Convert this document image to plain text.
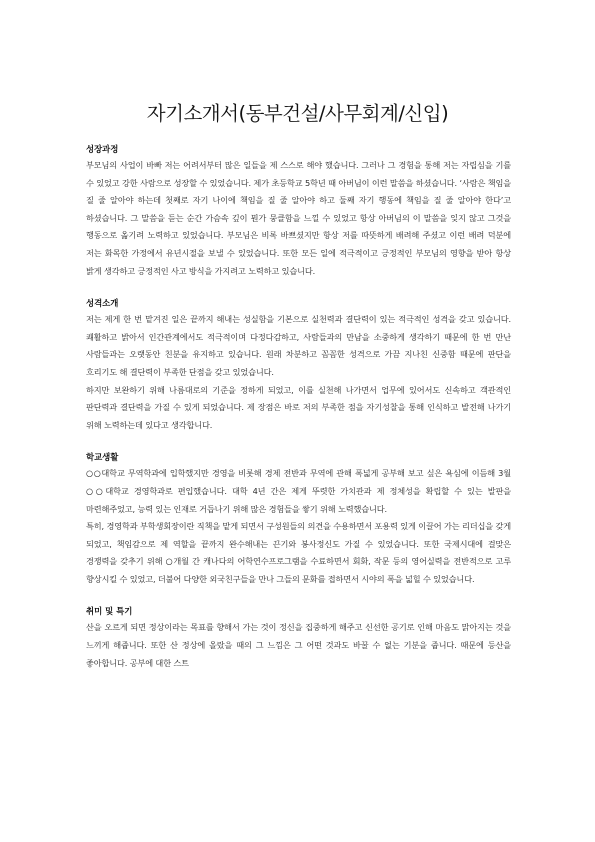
자기소개서(동부건설/사무회계/신입)
성장과정

부모님의 사업이 바빠 저는 어려서부터 많은 일들을 제 스스로 해야 했습니다. 그러나 그 경험을 통해 저는 자립심을 기를 수 있었고 강한 사람으로 성장할 수 있었습니다. 제가 초등학교 5학년 때 아버님이 이런 말씀을 하셨습니다. ‘사람은 책임을 질 줄 알아야 하는데 첫째로 자기 나이에 책임을 질 줄 알아야 하고 둘째 자기 행동에 책임을 질 줄 알아야 한다’고 하셨습니다. 그 말씀을 듣는 순간 가슴속 깊이 뭔가 뭉클함을 느낄 수 있었고 항상 아버님의 이 말씀을 잊지 않고 그것을 행동으로 옮기려 노력하고 있었습니다. 부모님은 비록 바쁘셨지만 항상 저를 따뜻하게 배려해 주셨고 이런 배려 덕분에 저는 화목한 가정에서 유년시절을 보낼 수 있었습니다. 또한 모든 일에 적극적이고 긍정적인 부모님의 영향을 받아 항상 밝게 생각하고 긍정적인 사고 방식을 가지려고 노력하고 있습니다.

성격소개

저는 제게 한 번 맡겨진 일은 끝까지 해내는 성실함을 기본으로 실천력과 결단력이 있는 적극적인 성격을 갖고 있습니다. 쾌활하고 밝아서 인간관계에서도 적극적이며 다정다감하고, 사람들과의 만남을 소중하게 생각하기 때문에 한 번 만난 사람들과는 오랫동안 친분을 유지하고 있습니다. 원래 차분하고 꼼꼼한 성격으로 가끔 지나친 신중함 때문에 판단을 흐리기도 해 결단력이 부족한 단점을 갖고 있었습니다.

하지만 보완하기 위해 나름대로의 기준을 정하게 되었고, 이를 실천해 나가면서 업무에 있어서도 신속하고 객관적인 판단력과 결단력을 가질 수 있게 되었습니다. 제 장점은 바로 저의 부족한 점을 자기성찰을 통해 인식하고 발전해 나가기 위해 노력하는데 있다고 생각합니다.

학교생활

○○대학교 무역학과에 입학했지만 경영을 비롯해 경제 전반과 무역에 관해 폭넓게 공부해 보고 싶은 욕심에 이듬해 3월 ○○대학교 경영학과로 편입했습니다. 대학 4년 간은 제게 뚜렷한 가치관과 제 정체성을 확립할 수 있는 발판을 마련해주었고, 능력 있는 인재로 거듭나기 위해 많은 경험들을 쌓기 위해 노력했습니다.

특히, 경영학과 부학생회장이란 직책을 맡게 되면서 구성원들의 의견을 수용하면서 포용력 있게 이끌어 가는 리더십을 갖게 되었고, 책임감으로 제 역할을 끝까지 완수해내는 끈기와 봉사정신도 가질 수 있었습니다. 또한 국제시대에 걸맞은 경쟁력을 갖추기 위해 ○개월 간 캐나다의 어학연수프로그램을 수료하면서 회화, 작문 등의 영어실력을 전반적으로 고루 향상시킬 수 있었고, 더불어 다양한 외국친구들을 만나 그들의 문화를 접하면서 시야의 폭을 넓힐 수 있었습니다.

취미 및 특기

산을 오르게 되면 정상이라는 목표를 향해서 가는 것이 정신을 집중하게 해주고 신선한 공기로 인해 마음도 맑아지는 것을 느끼게 해줍니다. 또한 산 정상에 올랐을 때의 그 느낌은 그 어떤 것과도 바꿀 수 없는 기분을 줍니다. 때문에 등산을 좋아합니다. 공부에 대한 스트
